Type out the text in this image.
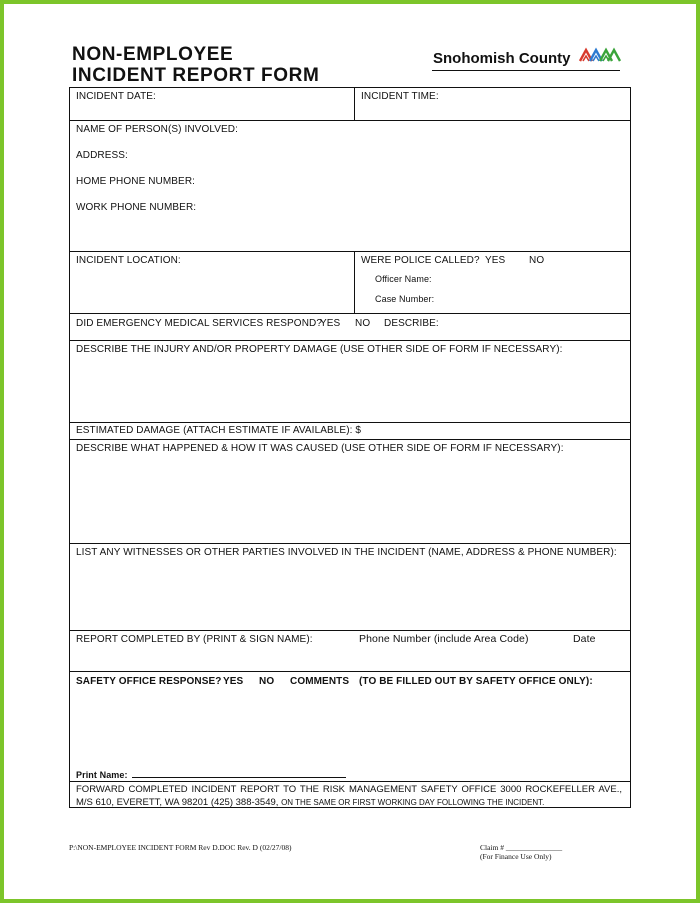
NON-EMPLOYEE
INCIDENT REPORT FORM
Snohomish County
INCIDENT DATE:	INCIDENT TIME:
NAME OF PERSON(S) INVOLVED:
ADDRESS:
HOME PHONE NUMBER:
WORK PHONE NUMBER:
INCIDENT LOCATION:	WERE POLICE CALLED? YES NO
Officer Name:
Case Number:
DID EMERGENCY MEDICAL SERVICES RESPOND?
YES NO DESCRIBE:
DESCRIBE THE INJURY AND/OR PROPERTY DAMAGE (USE OTHER SIDE OF FORM IF NECESSARY):
ESTIMATED DAMAGE (ATTACH ESTIMATE IF AVAILABLE): $
DESCRIBE WHAT HAPPENED & HOW IT WAS CAUSED (USE OTHER SIDE OF FORM IF NECESSARY):
LIST ANY WITNESSES OR OTHER PARTIES INVOLVED IN THE INCIDENT (NAME, ADDRESS & PHONE NUMBER):
REPORT COMPLETED BY (PRINT & SIGN NAME):	Phone Number (include Area Code)	Date
SAFETY OFFICE RESPONSE? YES NO COMMENTS (TO BE FILLED OUT BY SAFETY OFFICE ONLY):
Print Name:
FORWARD COMPLETED INCIDENT REPORT TO THE RISK MANAGEMENT SAFETY OFFICE 3000 ROCKEFELLER AVE., M/S 610, EVERETT, WA 98201 (425) 388-3549, ON THE SAME OR FIRST WORKING DAY FOLLOWING THE INCIDENT.
P:\NON-EMPLOYEE INCIDENT FORM Rev D.DOC Rev. D (02/27/08)	Claim # _______________
(For Finance Use Only)
